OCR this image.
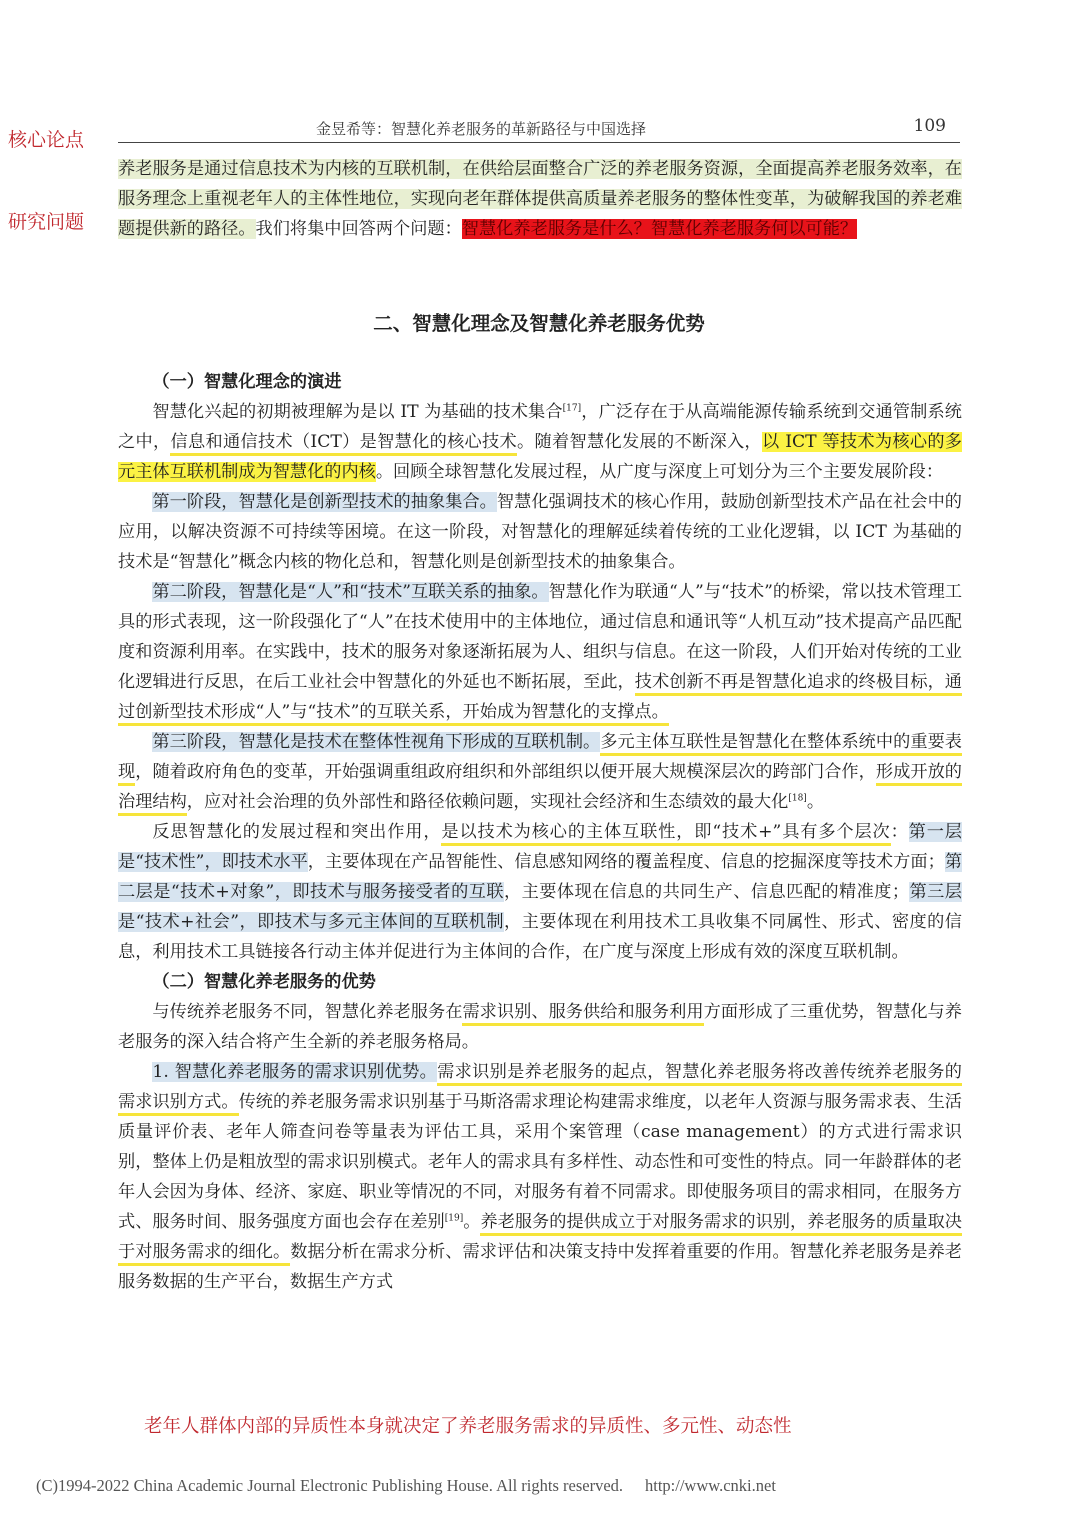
核心论点
研究问题
金昱希等：智慧化养老服务的革新路径与中国选择	109

养老服务是通过信息技术为内核的互联机制，在供给层面整合广泛的养老服务资源，全面提高养老服务效率，在服务理念上重视老年人的主体性地位，实现向老年群体提供高质量养老服务的整体性变革，为破解我国的养老难题提供新的路径。我们将集中回答两个问题：智慧化养老服务是什么？智慧化养老服务何以可能？

二、智慧化理念及智慧化养老服务优势

（一）智慧化理念的演进

智慧化兴起的初期被理解为是以 IT 为基础的技术集合[17]，广泛存在于从高端能源传输系统到交通管制系统之中，信息和通信技术（ICT）是智慧化的核心技术。随着智慧化发展的不断深入，以 ICT 等技术为核心的多元主体互联机制成为智慧化的内核。回顾全球智慧化发展过程，从广度与深度上可划分为三个主要发展阶段：

第一阶段，智慧化是创新型技术的抽象集合。智慧化强调技术的核心作用，鼓励创新型技术产品在社会中的应用，以解决资源不可持续等困境。在这一阶段，对智慧化的理解延续着传统的工业化逻辑，以 ICT 为基础的技术是“智慧化”概念内核的物化总和，智慧化则是创新型技术的抽象集合。

第二阶段，智慧化是“人”和“技术”互联关系的抽象。智慧化作为联通“人”与“技术”的桥梁，常以技术管理工具的形式表现，这一阶段强化了“人”在技术使用中的主体地位，通过信息和通讯等“人机互动”技术提高产品匹配度和资源利用率。在实践中，技术的服务对象逐渐拓展为人、组织与信息。在这一阶段，人们开始对传统的工业化逻辑进行反思，在后工业社会中智慧化的外延也不断拓展，至此，技术创新不再是智慧化追求的终极目标，通过创新型技术形成“人”与“技术”的互联关系，开始成为智慧化的支撑点。

第三阶段，智慧化是技术在整体性视角下形成的互联机制。多元主体互联性是智慧化在整体系统中的重要表现，随着政府角色的变革，开始强调重组政府组织和外部组织以便开展大规模深层次的跨部门合作，形成开放的治理结构，应对社会治理的负外部性和路径依赖问题，实现社会经济和生态绩效的最大化[18]。

反思智慧化的发展过程和突出作用，是以技术为核心的主体互联性，即“技术+”具有多个层次：第一层是“技术性”，即技术水平，主要体现在产品智能性、信息感知网络的覆盖程度、信息的挖掘深度等技术方面；第二层是“技术+对象”，即技术与服务接受者的互联，主要体现在信息的共同生产、信息匹配的精准度；第三层是“技术+社会”，即技术与多元主体间的互联机制，主要体现在利用技术工具收集不同属性、形式、密度的信息，利用技术工具链接各行动主体并促进行为主体间的合作，在广度与深度上形成有效的深度互联机制。

（二）智慧化养老服务的优势

与传统养老服务不同，智慧化养老服务在需求识别、服务供给和服务利用方面形成了三重优势，智慧化与养老服务的深入结合将产生全新的养老服务格局。

1. 智慧化养老服务的需求识别优势。需求识别是养老服务的起点，智慧化养老服务将改善传统养老服务的需求识别方式。传统的养老服务需求识别基于马斯洛需求理论构建需求维度，以老年人资源与服务需求表、生活质量评价表、老年人筛查问卷等量表为评估工具，采用个案管理（case management）的方式进行需求识别，整体上仍是粗放型的需求识别模式。老年人的需求具有多样性、动态性和可变性的特点。同一年龄群体的老年人会因为身体、经济、家庭、职业等情况的不同，对服务有着不同需求。即使服务项目的需求相同，在服务方式、服务时间、服务强度方面也会存在差别[19]。养老服务的提供成立于对服务需求的识别，养老服务的质量取决于对服务需求的细化。数据分析在需求分析、需求评估和决策支持中发挥着重要的作用。智慧化养老服务是养老服务数据的生产平台，数据生产方式

老年人群体内部的异质性本身就决定了养老服务需求的异质性、多元性、动态性
(C)1994-2022 China Academic Journal Electronic Publishing House. All rights reserved. http://www.cnki.net
